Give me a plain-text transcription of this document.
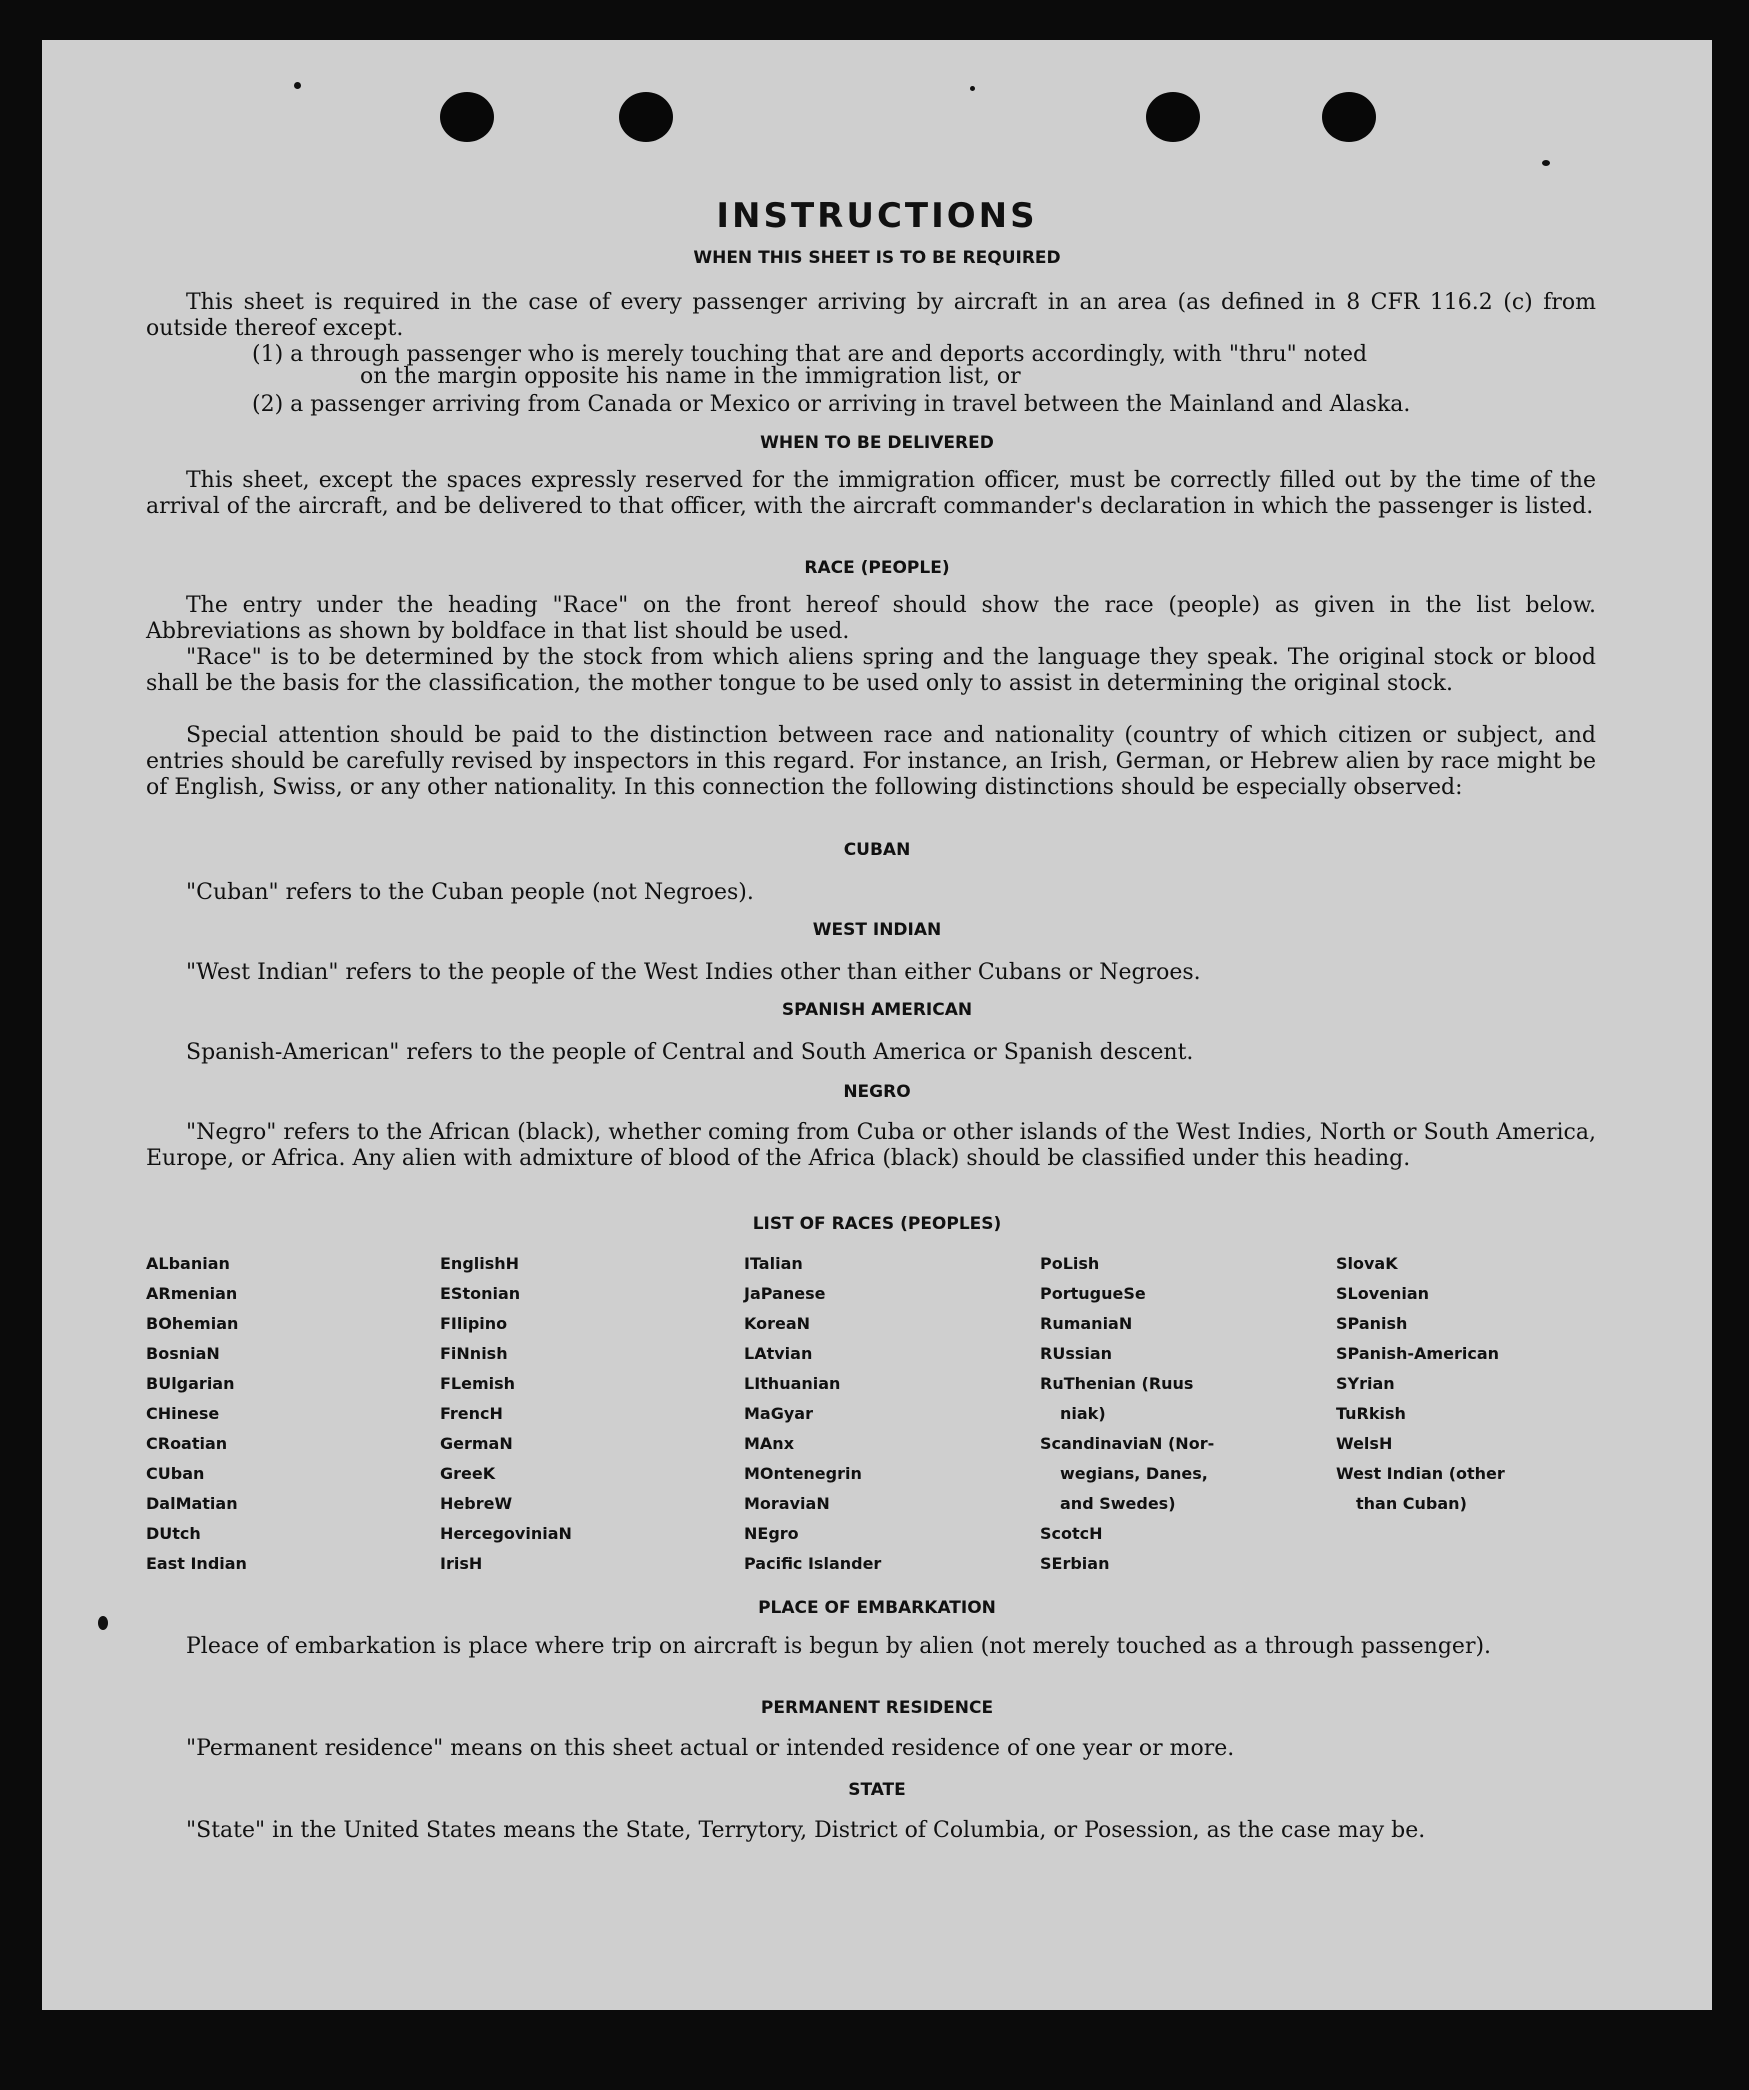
INSTRUCTIONS
WHEN THIS SHEET IS TO BE REQUIRED
This sheet is required in the case of every passenger arriving by aircraft in an area (as defined in 8 CFR 116.2 (c) from outside thereof except.
(1) a through passenger who is merely touching that are and deports accordingly, with "thru" noted
on the margin opposite his name in the immigration list, or
(2) a passenger arriving from Canada or Mexico or arriving in travel between the Mainland and Alaska.
WHEN TO BE DELIVERED
This sheet, except the spaces expressly reserved for the immigration officer, must be correctly filled out by the time of the arrival of the aircraft, and be delivered to that officer, with the aircraft commander's declaration in which the passenger is listed.
RACE (PEOPLE)
The entry under the heading "Race" on the front hereof should show the race (people) as given in the list below. Abbreviations as shown by boldface in that list should be used.
"Race" is to be determined by the stock from which aliens spring and the language they speak. The original stock or blood shall be the basis for the classification, the mother tongue to be used only to assist in determining the original stock.
Special attention should be paid to the distinction between race and nationality (country of which citizen or subject, and entries should be carefully revised by inspectors in this regard. For instance, an Irish, German, or Hebrew alien by race might be of English, Swiss, or any other nationality. In this connection the following distinctions should be especially observed:
CUBAN
"Cuban" refers to the Cuban people (not Negroes).
WEST INDIAN
"West Indian" refers to the people of the West Indies other than either Cubans or Negroes.
SPANISH AMERICAN
Spanish-American" refers to the people of Central and South America or Spanish descent.
NEGRO
"Negro" refers to the African (black), whether coming from Cuba or other islands of the West Indies, North or South America, Europe, or Africa. Any alien with admixture of blood of the Africa (black) should be classified under this heading.
LIST OF RACES (PEOPLES)
ALbanian
ARmenian
BOhemian
BosniaN
BUlgarian
CHinese
CRoatian
CUban
DalMatian
DUtch
East Indian
EnglishH
EStonian
FIlipino
FiNnish
FLemish
FrencH
GermaN
GreeK
HebreW
HercegoviniaN
IrisH
ITalian
JaPanese
KoreaN
LAtvian
LIthuanian
MaGyar
MAnx
MOntenegrin
MoraviaN
NEgro
Pacific Islander
PoLish
PortugueSe
RumaniaN
RUssian
RuThenian (Ruus
niak)
ScandinaviaN (Nor-
wegians, Danes,
and Swedes)
ScotcH
SErbian
SlovaK
SLovenian
SPanish
SPanish-American
SYrian
TuRkish
WelsH
West Indian (other
than Cuban)
PLACE OF EMBARKATION
Pleace of embarkation is place where trip on aircraft is begun by alien (not merely touched as a through passenger).
PERMANENT RESIDENCE
"Permanent residence" means on this sheet actual or intended residence of one year or more.
STATE
"State" in the United States means the State, Terrytory, District of Columbia, or Posession, as the case may be.
